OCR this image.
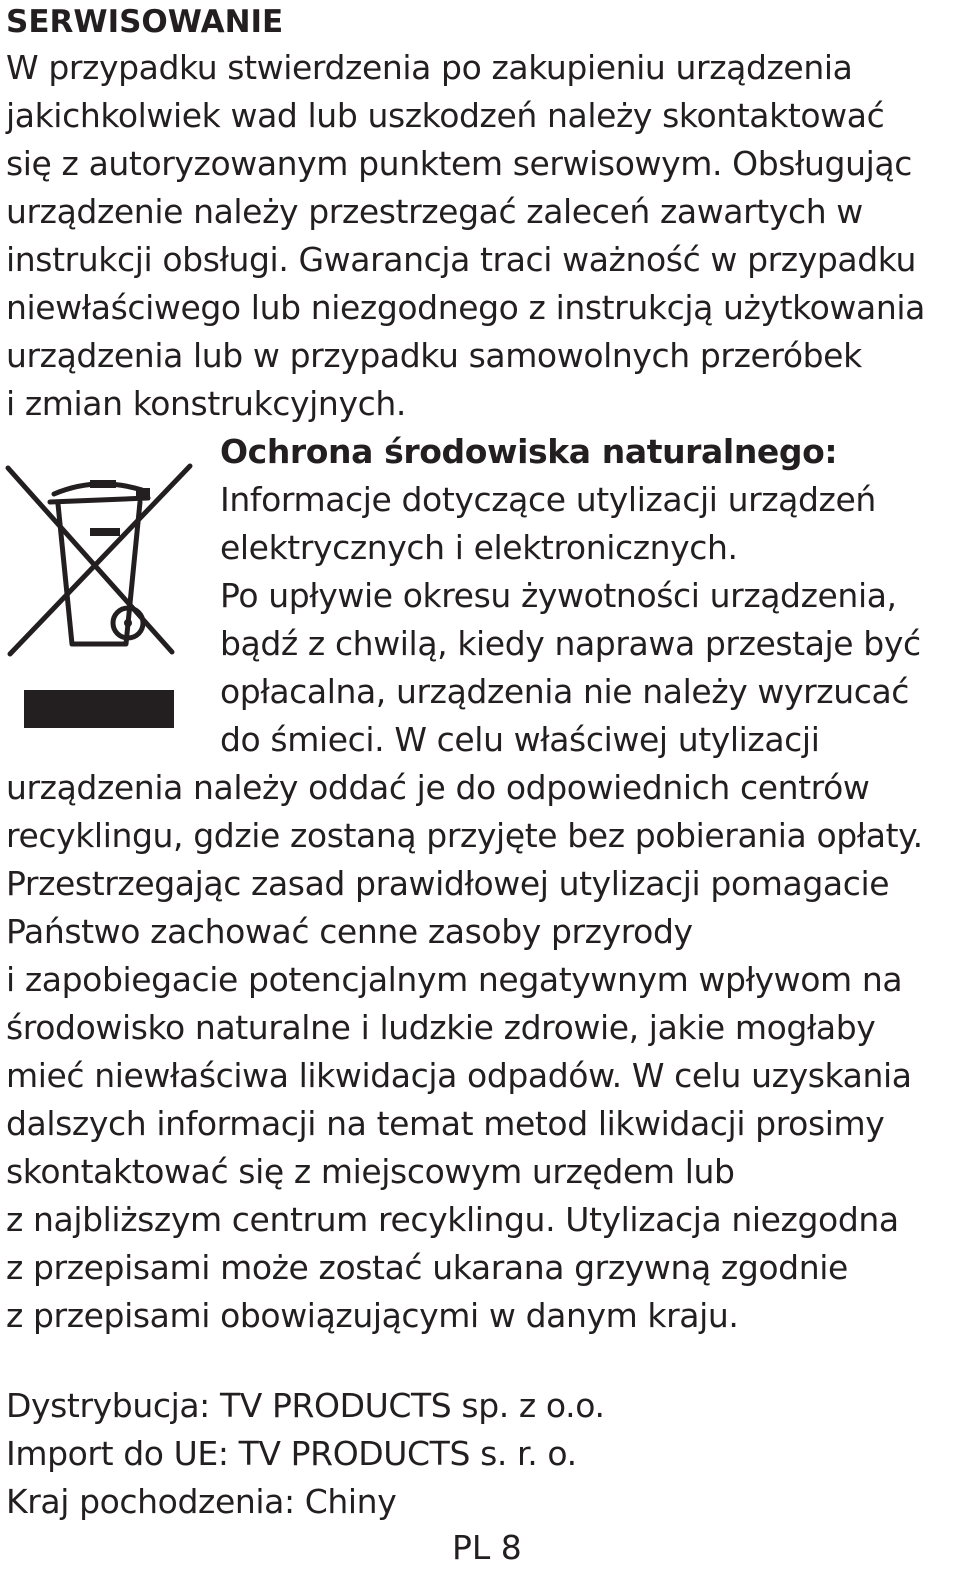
SERWISOWANIE
W przypadku stwierdzenia po zakupieniu urządzenia
jakichkolwiek wad lub uszkodzeń należy skontaktować
się z autoryzowanym punktem serwisowym. Obsługując
urządzenie należy przestrzegać zaleceń zawartych w
instrukcji obsługi. Gwarancja traci ważność w przypadku
niewłaściwego lub niezgodnego z instrukcją użytkowania
urządzenia lub w przypadku samowolnych przeróbek
i zmian konstrukcyjnych.
Ochrona środowiska naturalnego:
Informacje dotyczące utylizacji urządzeń
elektrycznych i elektronicznych.
Po upływie okresu żywotności urządzenia,
bądź z chwilą, kiedy naprawa przestaje być
opłacalna, urządzenia nie należy wyrzucać
do śmieci. W celu właściwej utylizacji
urządzenia należy oddać je do odpowiednich centrów
recyklingu, gdzie zostaną przyjęte bez pobierania opłaty.
Przestrzegając zasad prawidłowej utylizacji pomagacie
Państwo zachować cenne zasoby przyrody
i zapobiegacie potencjalnym negatywnym wpływom na
środowisko naturalne i ludzkie zdrowie, jakie mogłaby
mieć niewłaściwa likwidacja odpadów. W celu uzyskania
dalszych informacji na temat metod likwidacji prosimy
skontaktować się z miejscowym urzędem lub
z najbliższym centrum recyklingu. Utylizacja niezgodna
z przepisami może zostać ukarana grzywną zgodnie
z przepisami obowiązującymi w danym kraju.
Dystrybucja: TV PRODUCTS sp. z o.o.
Import do UE: TV PRODUCTS s. r. o.
Kraj pochodzenia: Chiny
PL 8
